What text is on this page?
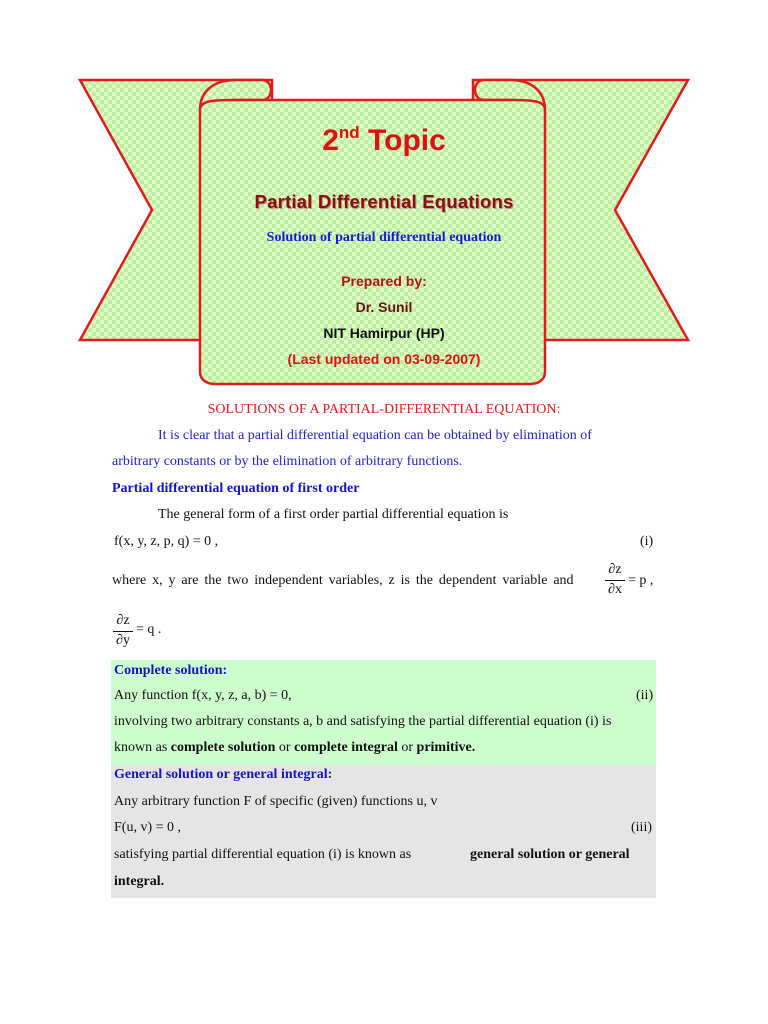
2nd Topic
Partial Differential Equations
Solution of partial differential equation
Prepared by:
Dr. Sunil
NIT Hamirpur (HP)
(Last updated on 03-09-2007)

SOLUTIONS OF A PARTIAL-DIFFERENTIAL EQUATION:

It is clear that a partial differential equation can be obtained by elimination of

arbitrary constants or by the elimination of arbitrary functions.

Partial differential equation of first order

The general form of a first order partial differential equation is

f(x, y, z, p, q) = 0 ,	(i)

where x, y are the two independent variables, z is the dependent variable and

∂z
∂x
= p ,
∂z
∂y
= q .

Complete solution:

Any function f(x, y, z, a, b) = 0,	(ii)

involving two arbitrary constants a, b and satisfying the partial differential equation (i) is

known as complete solution or complete integral or primitive.

General solution or general integral:

Any arbitrary function F of specific (given) functions u, v

F(u, v) = 0 ,	(iii)

satisfying partial differential equation (i) is known as	general solution or general
integral.
